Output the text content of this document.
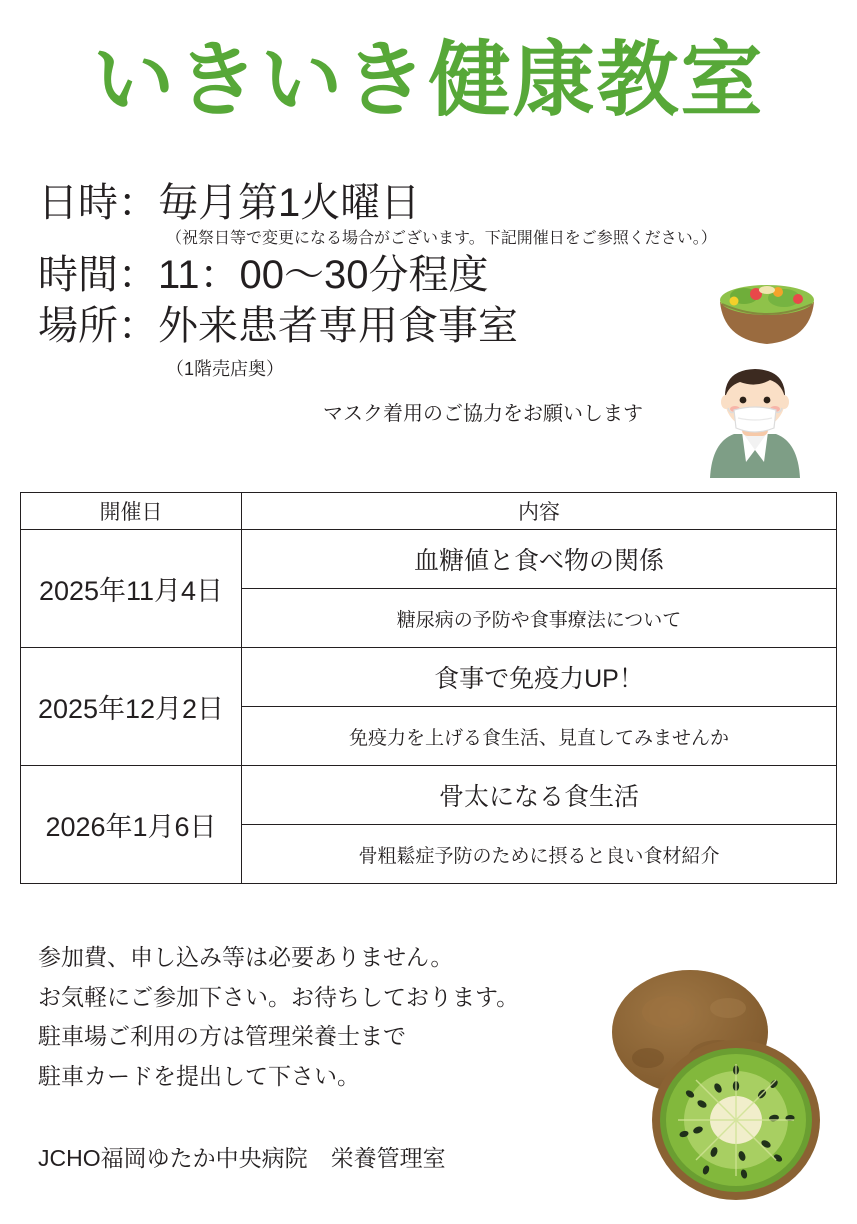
いきいき健康教室
日時：毎月第1火曜日
（祝祭日等で変更になる場合がございます。下記開催日をご参照ください。）
時間：11：00〜30分程度
場所：外来患者専用食事室
（1階売店奥）
マスク着用のご協力をお願いします
開催日	内容
2025年11月4日	血糖値と食べ物の関係
	糖尿病の予防や食事療法について
2025年12月2日	食事で免疫力UP！
	免疫力を上げる食生活、見直してみませんか
2026年1月6日	骨太になる食生活
	骨粗鬆症予防のために摂ると良い食材紹介
参加費、申し込み等は必要ありません。
お気軽にご参加下さい。お待ちしております。
駐車場ご利用の方は管理栄養士まで
駐車カードを提出して下さい。
JCHO福岡ゆたか中央病院　栄養管理室
